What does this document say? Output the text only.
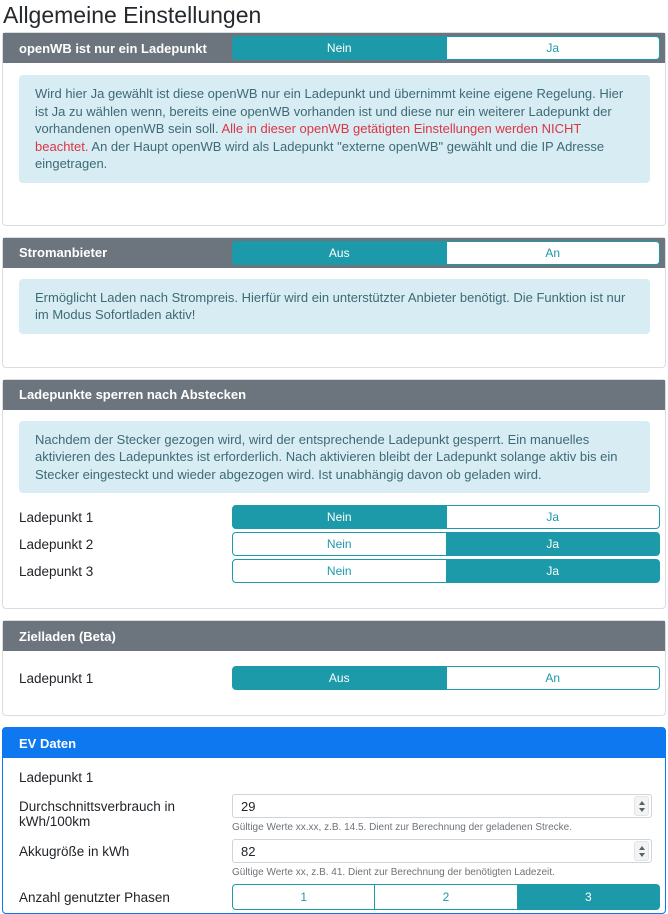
Allgemeine Einstellungen
openWB ist nur ein Ladepunkt	Nein	Ja
Wird hier Ja gewählt ist diese openWB nur ein Ladepunkt und übernimmt keine eigene Regelung. Hier ist Ja zu wählen wenn, bereits eine openWB vorhanden ist und diese nur ein weiterer Ladepunkt der vorhandenen openWB sein soll. Alle in dieser openWB getätigten Einstellungen werden NICHT beachtet. An der Haupt openWB wird als Ladepunkt "externe openWB" gewählt und die IP Adresse eingetragen.
Stromanbieter	Aus	An
Ermöglicht Laden nach Strompreis. Hierfür wird ein unterstützter Anbieter benötigt. Die Funktion ist nur im Modus Sofortladen aktiv!
Ladepunkte sperren nach Abstecken
Nachdem der Stecker gezogen wird, wird der entsprechende Ladepunkt gesperrt. Ein manuelles aktivieren des Ladepunktes ist erforderlich. Nach aktivieren bleibt der Ladepunkt solange aktiv bis ein Stecker eingesteckt und wieder abgezogen wird. Ist unabhängig davon ob geladen wird.
Ladepunkt 1	Nein	Ja
Ladepunkt 2	Nein	Ja
Ladepunkt 3	Nein	Ja
Zielladen (Beta)
Ladepunkt 1	Aus	An
EV Daten
Ladepunkt 1
Durchschnittsverbrauch in kWh/100km
29	Gültige Werte xx.xx, z.B. 14.5. Dient zur Berechnung der geladenen Strecke.
Akkugröße in kWh
82
Gültige Werte xx, z.B. 41. Dient zur Berechnung der benötigten Ladezeit.
Anzahl genutzter Phasen	1	2	3
